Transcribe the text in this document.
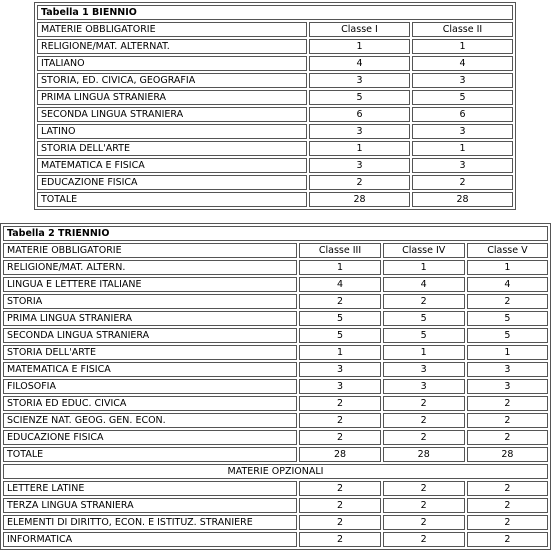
Tabella 1 BIENNIO		
MATERIE OBBLIGATORIE	Classe I	Classe II
RELIGIONE/MAT. ALTERNAT.	1	1
ITALIANO	4	4
STORIA, ED. CIVICA, GEOGRAFIA	3	3
PRIMA LINGUA STRANIERA	5	5
SECONDA LINGUA STRANIERA	6	6
LATINO	3	3
STORIA DELL'ARTE	1	1
MATEMATICA E FISICA	3	3
EDUCAZIONE FISICA	2	2
TOTALE	28	28
Tabella 2 TRIENNIO			
MATERIE OBBLIGATORIE	Classe III	Classe IV	Classe V
RELIGIONE/MAT. ALTERN.	1	1	1
LINGUA E LETTERE ITALIANE	4	4	4
STORIA	2	2	2
PRIMA LINGUA STRANIERA	5	5	5
SECONDA LINGUA STRANIERA	5	5	5
STORIA DELL'ARTE	1	1	1
MATEMATICA E FISICA	3	3	3
FILOSOFIA	3	3	3
STORIA ED EDUC. CIVICA	2	2	2
SCIENZE NAT. GEOG. GEN. ECON.	2	2	2
EDUCAZIONE FISICA	2	2	2
TOTALE	28	28	28
MATERIE OPZIONALI			
LETTERE LATINE	2	2	2
TERZA LINGUA STRANIERA	2	2	2
ELEMENTI DI DIRITTO, ECON. E ISTITUZ. STRANIERE	2	2	2
INFORMATICA	2	2	2
